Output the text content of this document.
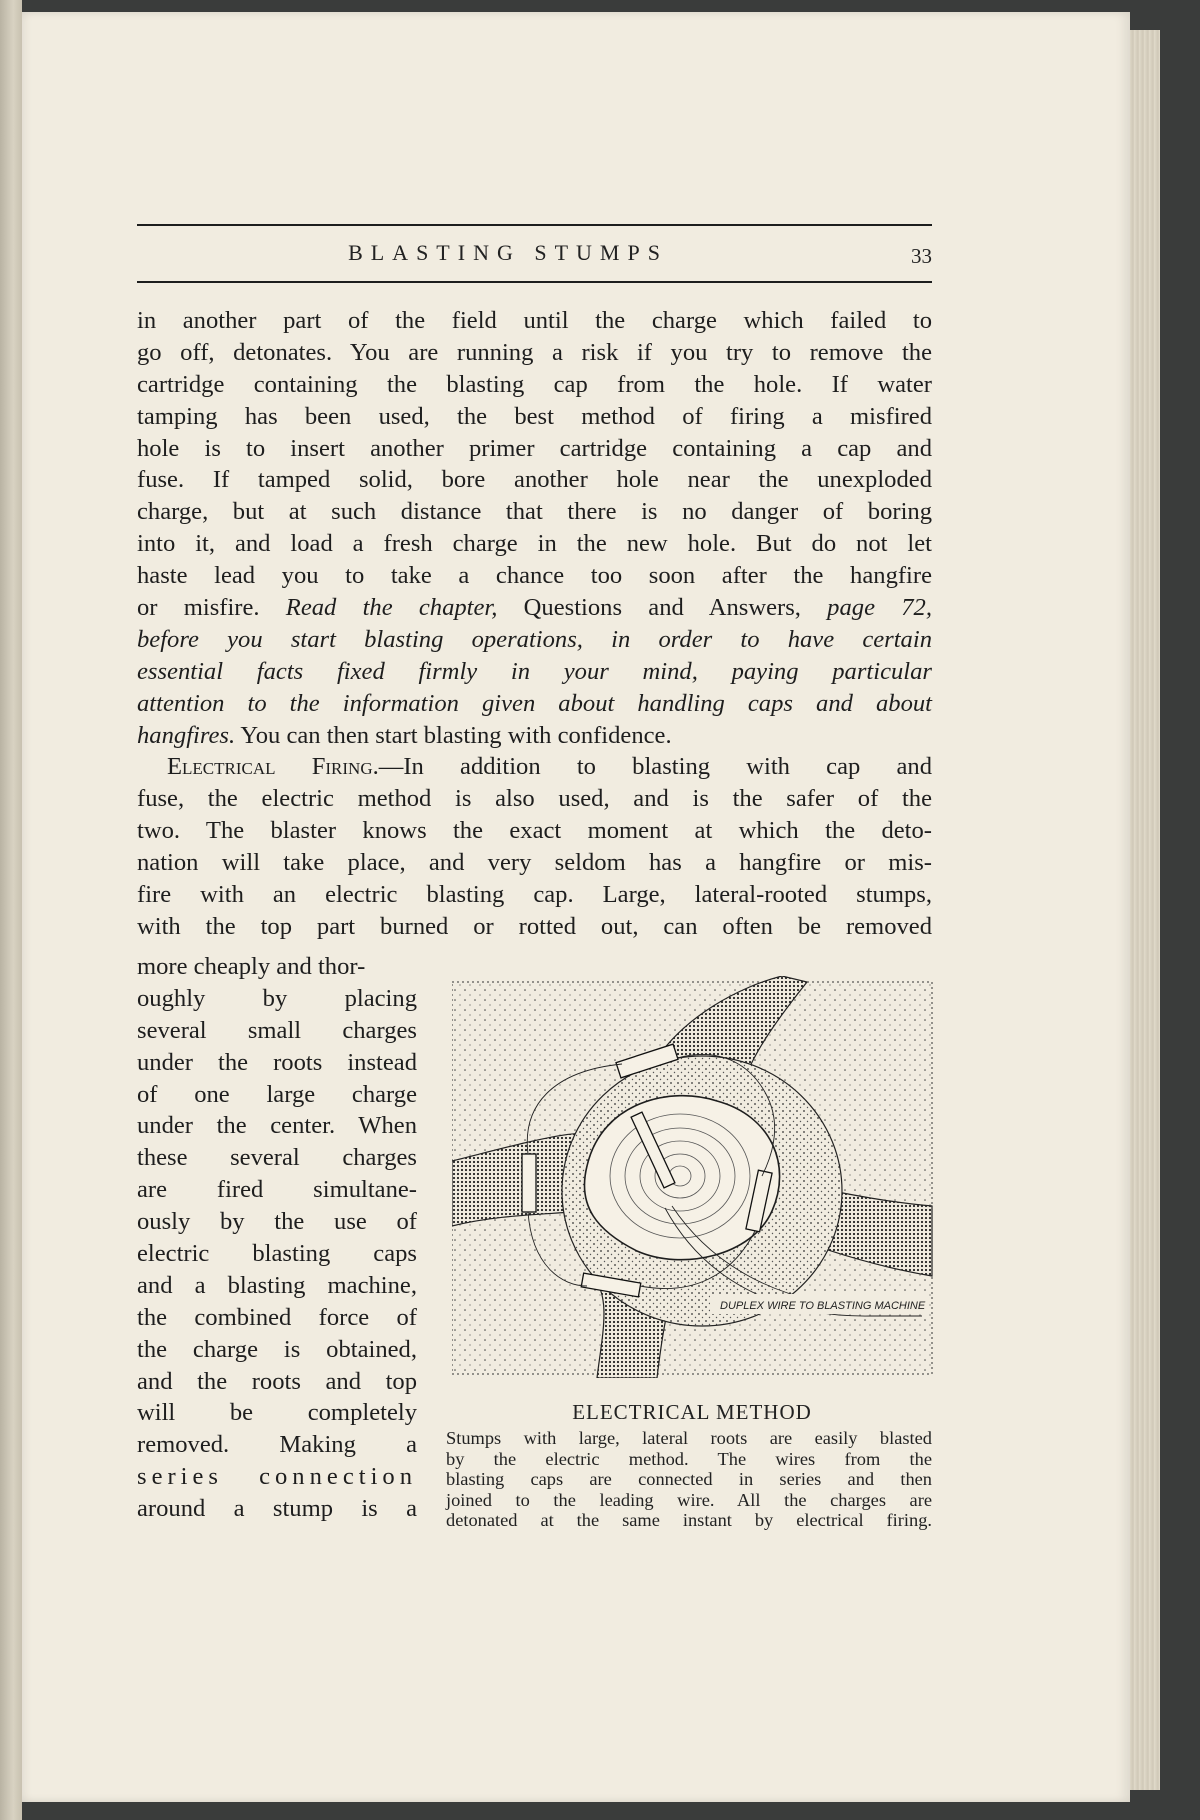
BLASTING STUMPS	33
in another part of the field until the charge which failed to
go off, detonates. You are running a risk if you try to remove the
cartridge containing the blasting cap from the hole. If water
tamping has been used, the best method of firing a misfired
hole is to insert another primer cartridge containing a cap and
fuse. If tamped solid, bore another hole near the unexploded
charge, but at such distance that there is no danger of boring
into it, and load a fresh charge in the new hole. But do not let
haste lead you to take a chance too soon after the hangfire
or misfire. Read the chapter, Questions and Answers, page 72,
before you start blasting operations, in order to have certain
essential facts fixed firmly in your mind, paying particular
attention to the information given about handling caps and about
hangfires. You can then start blasting with confidence.
Electrical Firing.—In addition to blasting with cap and
fuse, the electric method is also used, and is the safer of the
two. The blaster knows the exact moment at which the deto-
nation will take place, and very seldom has a hangfire or mis-
fire with an electric blasting cap. Large, lateral-rooted stumps,
with the top part burned or rotted out, can often be removed
more cheaply and thor-
oughly by placing
several small charges
under the roots instead
of one large charge
under the center. When
these several charges
are fired simultane-
ously by the use of
electric blasting caps
and a blasting machine,
the combined force of
the charge is obtained,
and the roots and top
will be completely
removed. Making a
series connection
around a stump is a
DUPLEX WIRE TO BLASTING MACHINE
ELECTRICAL METHOD
Stumps with large, lateral roots are easily blasted
by the electric method. The wires from the
blasting caps are connected in series and then
joined to the leading wire. All the charges are
detonated at the same instant by electrical firing.
